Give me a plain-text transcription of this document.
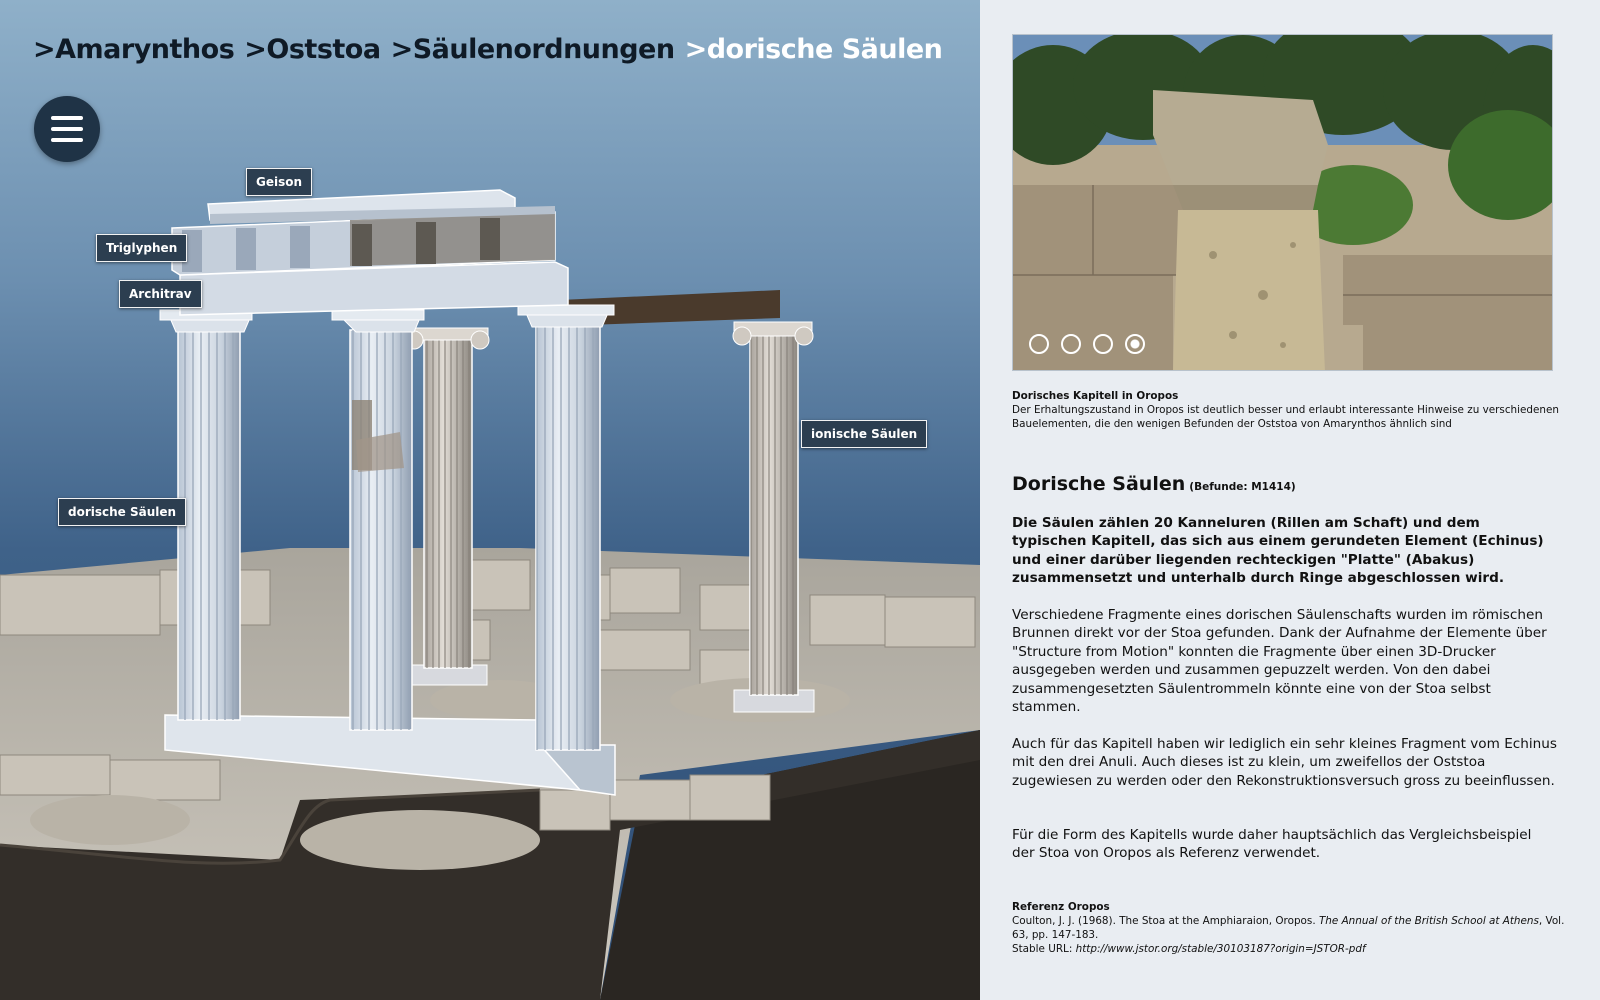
>Amarynthos >Oststoa >Säulenordnungen >dorische Säulen
Geison
Triglyphen
Architrav
ionische Säulen
dorische Säulen
Dorisches Kapitell in Oropos
Der Erhaltungszustand in Oropos ist deutlich besser und erlaubt interessante Hinweise zu verschiedenen Bauelementen, die den wenigen Befunden der Oststoa von Amarynthos ähnlich sind
Dorische Säulen (Befunde: M1414)

Die Säulen zählen 20 Kanneluren (Rillen am Schaft) und dem typischen Kapitell, das sich aus einem gerundeten Element (Echinus) und einer darüber liegenden rechteckigen "Platte" (Abakus) zusammensetzt und unterhalb durch Ringe abgeschlossen wird.

Verschiedene Fragmente eines dorischen Säulenschafts wurden im römischen Brunnen direkt vor der Stoa gefunden. Dank der Aufnahme der Elemente über "Structure from Motion" konnten die Fragmente über einen 3D-Drucker ausgegeben werden und zusammen gepuzzelt werden. Von den dabei zusammengesetzten Säulentrommeln könnte eine von der Stoa selbst stammen.

Auch für das Kapitell haben wir lediglich ein sehr kleines Fragment vom Echinus mit den drei Anuli. Auch dieses ist zu klein, um zweifellos der Oststoa zugewiesen zu werden oder den Rekonstruktionsversuch gross zu beeinflussen.

Für die Form des Kapitells wurde daher hauptsächlich das Vergleichsbeispiel der Stoa von Oropos als Referenz verwendet.

Referenz Oropos
Coulton, J. J. (1968). The Stoa at the Amphiaraion, Oropos. The Annual of the British School at Athens, Vol. 63, pp. 147-183.
Stable URL: http://www.jstor.org/stable/30103187?origin=JSTOR-pdf
